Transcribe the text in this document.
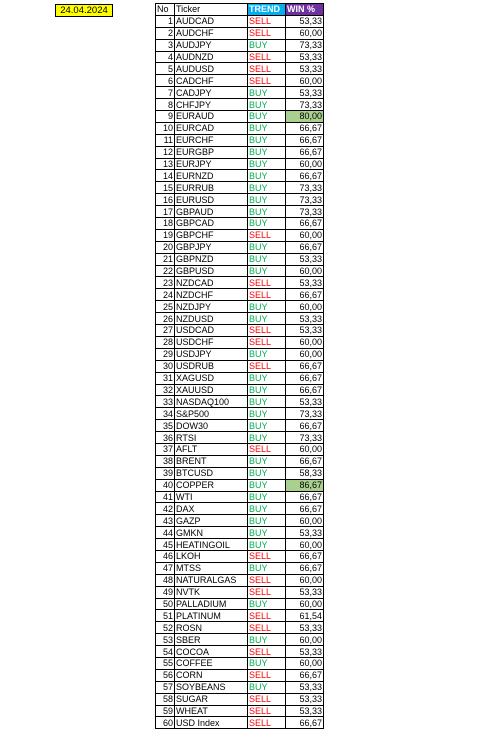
24.04.2024	No	Ticker	TREND	WIN %
1	AUDCAD	SELL	53,33
2	AUDCHF	SELL	60,00
3	AUDJPY	BUY	73,33
4	AUDNZD	SELL	53,33
5	AUDUSD	SELL	53,33
6	CADCHF	SELL	60,00
7	CADJPY	BUY	53,33
8	CHFJPY	BUY	73,33
9	EURAUD	BUY	80,00
10	EURCAD	BUY	66,67
11	EURCHF	BUY	66,67
12	EURGBP	BUY	66,67
13	EURJPY	BUY	60,00
14	EURNZD	BUY	66,67
15	EURRUB	BUY	73,33
16	EURUSD	BUY	73,33
17	GBPAUD	BUY	73,33
18	GBPCAD	BUY	66,67
19	GBPCHF	SELL	60,00
20	GBPJPY	BUY	66,67
21	GBPNZD	BUY	53,33
22	GBPUSD	BUY	60,00
23	NZDCAD	SELL	53,33
24	NZDCHF	SELL	66,67
25	NZDJPY	BUY	60,00
26	NZDUSD	BUY	53,33
27	USDCAD	SELL	53,33
28	USDCHF	SELL	60,00
29	USDJPY	BUY	60,00
30	USDRUB	SELL	66,67
31	XAGUSD	BUY	66,67
32	XAUUSD	BUY	66,67
33	NASDAQ100	BUY	53,33
34	S&P500	BUY	73,33
35	DOW30	BUY	66,67
36	RTSI	BUY	73,33
37	AFLT	SELL	60,00
38	BRENT	BUY	66,67
39	BTCUSD	BUY	58,33
40	COPPER	BUY	86,67
41	WTI	BUY	66,67
42	DAX	BUY	66,67
43	GAZP	BUY	60,00
44	GMKN	BUY	53,33
45	HEATINGOIL	BUY	60,00
46	LKOH	SELL	66,67
47	MTSS	BUY	66,67
48	NATURALGAS	SELL	60,00
49	NVTK	SELL	53,33
50	PALLADIUM	BUY	60,00
51	PLATINUM	SELL	61,54
52	ROSN	SELL	53,33
53	SBER	BUY	60,00
54	COCOA	SELL	53,33
55	COFFEE	BUY	60,00
56	CORN	SELL	66,67
57	SOYBEANS	BUY	53,33
58	SUGAR	SELL	53,33
59	WHEAT	SELL	53,33
60	USD Index	SELL	66,67
